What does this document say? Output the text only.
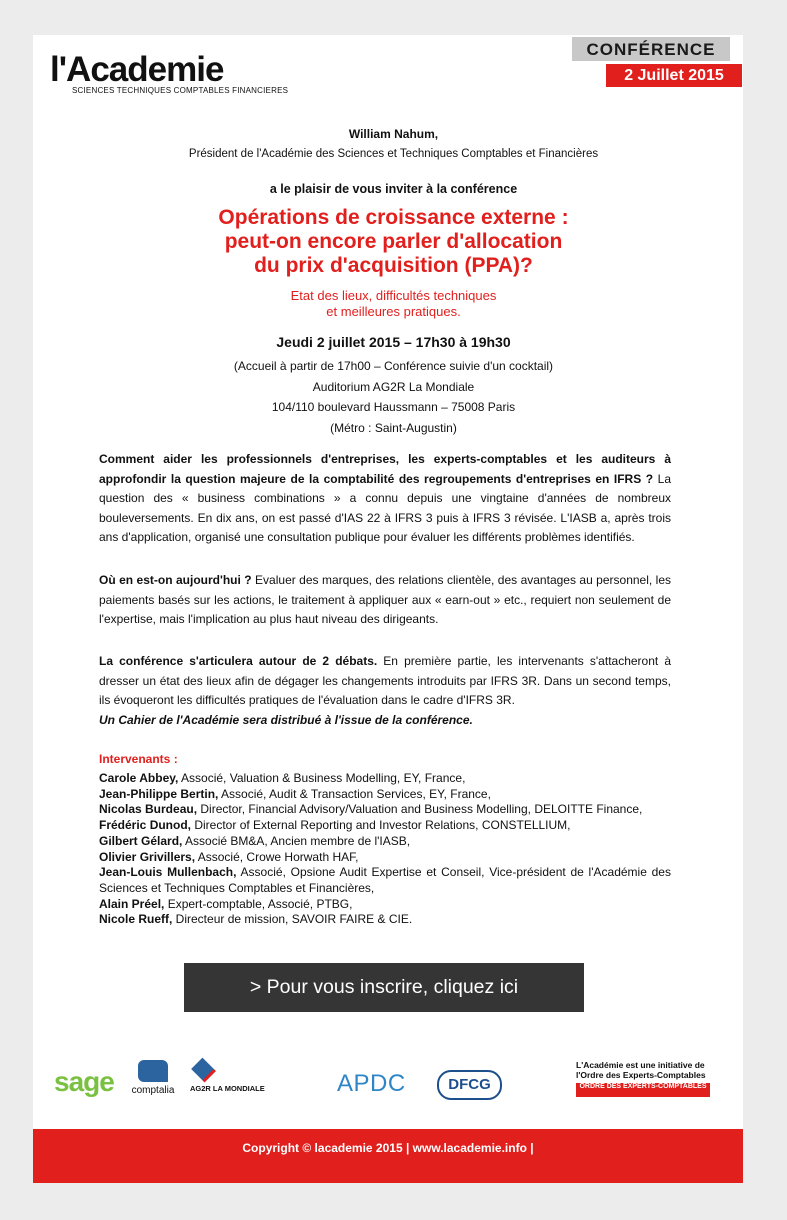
l'Academie
SCIENCES TECHNIQUES COMPTABLES FINANCIERES
CONFÉRENCE
2 Juillet 2015
William Nahum,
Président de l'Académie des Sciences et Techniques Comptables et Financières
a le plaisir de vous inviter à la conférence
Opérations de croissance externe :
peut-on encore parler d'allocation
du prix d'acquisition (PPA)?
Etat des lieux, difficultés techniques
et meilleures pratiques.
Jeudi 2 juillet 2015 – 17h30 à 19h30
(Accueil à partir de 17h00 – Conférence suivie d'un cocktail)
Auditorium AG2R La Mondiale
104/110 boulevard Haussmann – 75008 Paris
(Métro : Saint-Augustin)
Comment aider les professionnels d'entreprises, les experts-comptables et les auditeurs à approfondir la question majeure de la comptabilité des regroupements d'entreprises en IFRS ? La question des « business combinations » a connu depuis une vingtaine d'années de nombreux bouleversements. En dix ans, on est passé d'IAS 22 à IFRS 3 puis à IFRS 3 révisée. L'IASB a, après trois ans d'application, organisé une consultation publique pour évaluer les différents problèmes identifiés.
Où en est-on aujourd'hui ? Evaluer des marques, des relations clientèle, des avantages au personnel, les paiements basés sur les actions, le traitement à appliquer aux « earn-out » etc., requiert non seulement de l'expertise, mais l'implication au plus haut niveau des dirigeants.
La conférence s'articulera autour de 2 débats. En première partie, les intervenants s'attacheront à dresser un état des lieux afin de dégager les changements introduits par IFRS 3R. Dans un second temps, ils évoqueront les difficultés pratiques de l'évaluation dans le cadre d'IFRS 3R.
Un Cahier de l'Académie sera distribué à l'issue de la conférence.
Intervenants :
Carole Abbey, Associé, Valuation & Business Modelling, EY, France,
Jean-Philippe Bertin, Associé, Audit & Transaction Services, EY, France,
Nicolas Burdeau, Director, Financial Advisory/Valuation and Business Modelling, DELOITTE Finance,
Frédéric Dunod, Director of External Reporting and Investor Relations, CONSTELLIUM,
Gilbert Gélard, Associé BM&A, Ancien membre de l'IASB,
Olivier Grivillers, Associé, Crowe Horwath HAF,
Jean-Louis Mullenbach, Associé, Opsione Audit Expertise et Conseil, Vice-président de l'Académie des Sciences et Techniques Comptables et Financières,
Alain Préel, Expert-comptable, Associé, PTBG,
Nicole Rueff, Directeur de mission, SAVOIR FAIRE & CIE.
> Pour vous inscrire, cliquez ici
sage	comptalia	AG2R LA MONDIALE	APDC	DFCG
L'Académie est une initiative de l'Ordre des Experts-Comptables
ORDRE DES EXPERTS-COMPTABLES
Copyright © lacademie 2015 | www.lacademie.info |
